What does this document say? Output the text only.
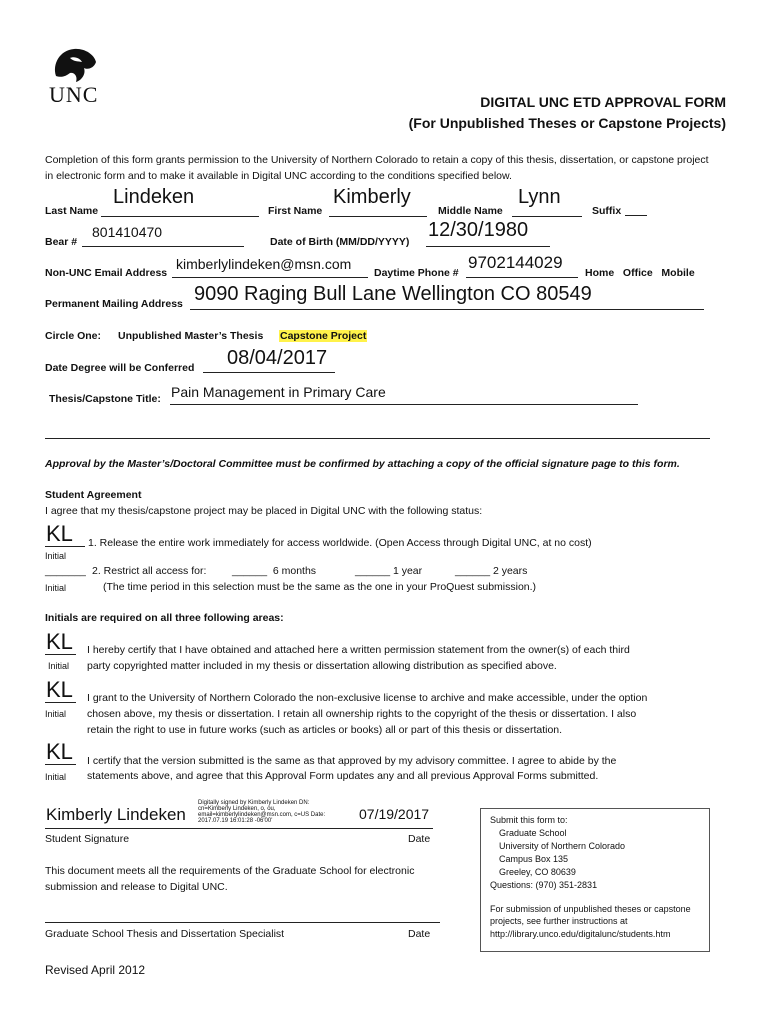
UNC	DIGITAL UNC ETD APPROVAL FORM
(For Unpublished Theses or Capstone Projects)
Completion of this form grants permission to the University of Northern Colorado to retain a copy of this thesis, dissertation, or capstone project in electronic form and to make it available in Digital UNC according to the conditions specified below.
Last Name
Lindeken
First Name
Kimberly
Middle Name
Lynn
Suffix
Bear #
801410470
Date of Birth (MM/DD/YYYY)
12/30/1980
Non-UNC Email Address
kimberlylindeken@msn.com
Daytime Phone #
9702144029
Home   Office   Mobile
Permanent Mailing Address 9090 Raging Bull Lane Wellington CO 80549
Circle One: Unpublished Master’s Thesis Capstone Project
Date Degree will be Conferred 08/04/2017
Thesis/Capstone Title: Pain Management in Primary Care
Approval by the Master’s/Doctoral Committee must be confirmed by attaching a copy of the official signature page to this form.
Student Agreement
I agree that my thesis/capstone project may be placed in Digital UNC with the following status:
KL
Initial
1. Release the entire work immediately for access worldwide. (Open Access through Digital UNC, at no cost)
_______ 2. Restrict all access for: ______  6 months	______ 1 year	______ 2 years
Initial	(The time period in this selection must be the same as the one in your ProQuest submission.)
Initials are required on all three following areas:
KL I hereby certify that I have obtained and attached here a written permission statement from the owner(s) of each third
Initial party copyrighted matter included in my thesis or dissertation allowing distribution as specified above.
KL I grant to the University of Northern Colorado the non-exclusive license to archive and make accessible, under the option
Initial chosen above, my thesis or dissertation. I retain all ownership rights to the copyright of the thesis or dissertation. I also
retain the right to use in future works (such as articles or books) all or part of this thesis or dissertation.
KL I certify that the version submitted is the same as that approved by my advisory committee. I agree to abide by the
Initial statements above, and agree that this Approval Form updates any and all previous Approval Forms submitted.
Kimberly Lindeken
Digitally signed by Kimberly Lindeken DN: cn=Kimberly Lindeken, o, ou, email=kimberlylindeken@msn.com, c=US Date: 2017.07.19 16:01:28 -06'00'	07/19/2017
Student Signature	Date
This document meets all the requirements of the Graduate School for electronic submission and release to Digital UNC.
Graduate School Thesis and Dissertation Specialist	Date
Submit this form to:
Graduate School
University of Northern Colorado
Campus Box 135
Greeley, CO 80639
Questions: (970) 351-2831
For submission of unpublished theses or capstone projects, see further instructions at
http://library.unco.edu/digitalunc/students.htm
Revised April 2012
